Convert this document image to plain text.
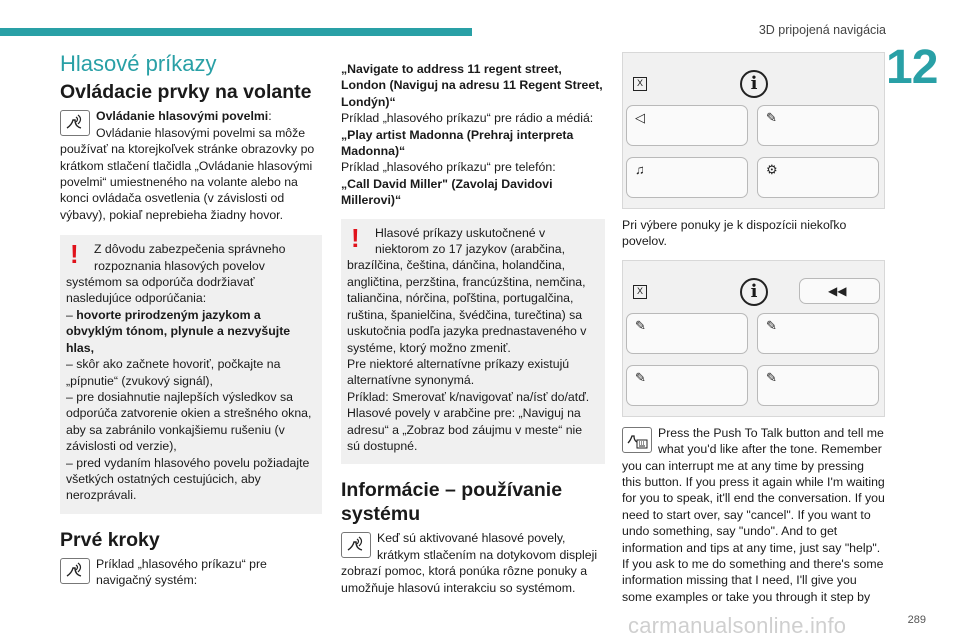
3D pripojená navigácia
12
Hlasové príkazy
Ovládacie prvky na volante
Ovládanie hlasovými povelmi: Ovládanie hlasovými povelmi sa môže používať na ktorejkoľvek stránke obrazovky po krátkom stlačení tlačidla „Ovládanie hlasovými povelmi“ umiestneného na volante alebo na konci ovládača osvetlenia (v závislosti od výbavy), pokiaľ neprebieha žiadny hovor.
!	Z dôvodu zabezpečenia správneho rozpoznania hlasových povelov systémom sa odporúča dodržiavať nasledujúce odporúčania:
– hovorte prirodzeným jazykom a obvyklým tónom, plynule a nezvyšujte hlas,
– skôr ako začnete hovoriť, počkajte na „pípnutie“ (zvukový signál),
– pre dosiahnutie najlepších výsledkov sa odporúča zatvorenie okien a strešného okna, aby sa zabránilo vonkajšiemu rušeniu (v závislosti od verzie),
– pred vydaním hlasového povelu požiadajte všetkých ostatných cestujúcich, aby nerozprávali.
Prvé kroky
Príklad „hlasového príkazu“ pre navigačný systém:
„Navigate to address 11 regent street, London (Naviguj na adresu 11 Regent Street, Londýn)“
Príklad „hlasového príkazu“ pre rádio a médiá:
„Play artist Madonna (Prehraj interpreta Madonna)“
Príklad „hlasového príkazu“ pre telefón:
„Call David Miller" (Zavolaj Davidovi Millerovi)“
!	Hlasové príkazy uskutočnené v niektorom zo 17 jazykov (arabčina, brazílčina, čeština, dánčina, holandčina, angličtina, perzština, francúzština, nemčina, taliančina, nórčina, poľština, portugalčina, ruština, španielčina, švédčina, turečtina) sa uskutočnia podľa jazyka prednastaveného v systéme, ktorý možno zmeniť.
Pre niektoré alternatívne príkazy existujú alternatívne synonymá.
Príklad: Smerovať k/navigovať na/ísť do/atď.
Hlasové povely v arabčine pre: „Naviguj na adresu“ a „Zobraz bod záujmu v meste“ nie sú dostupné.
Informácie – používanie systému
Keď sú aktivované hlasové povely, krátkym stlačením na dotykovom displeji zobrazí pomoc, ktorá ponúka rôzne ponuky a umožňuje hlasovú interakciu so systémom.
X	i
◁	✎
♫	⚙
Pri výbere ponuky je k dispozícii niekoľko povelov.
X	i	◀◀
✎	✎
✎	✎
Press the Push To Talk button and tell me what you'd like after the tone. Remember you can interrupt me at any time by pressing this button. If you press it again while I'm waiting for you to speak, it'll end the conversation. If you need to start over, say "cancel". If you want to undo something, say "undo". And to get information and tips at any time, just say "help". If you ask to me do something and there's some information missing that I need, I'll give you some examples or take you through it step by
carmanualsonline.info	289
